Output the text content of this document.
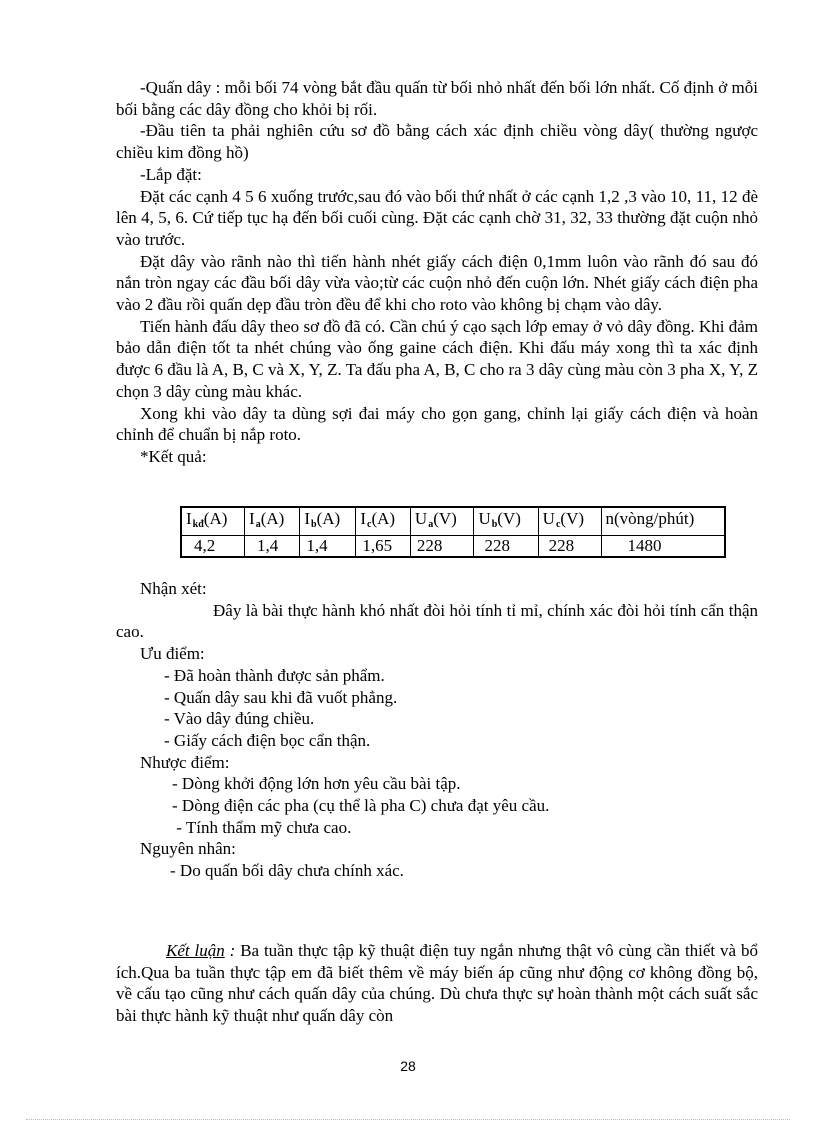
-Quấn dây : mỗi bối 74 vòng bắt đầu quấn từ bối nhỏ nhất đến bối lớn nhất. Cố định ở mỗi bối bằng các dây đồng cho khỏi bị rối.

-Đầu tiên ta phải nghiên cứu sơ đồ bằng cách xác định chiều vòng dây( thường ngược chiều kim đồng hồ)

-Lắp đặt:

Đặt các cạnh 4 5 6 xuống trước,sau đó vào bối thứ nhất ở các cạnh 1,2 ,3 vào 10, 11, 12 đè lên 4, 5, 6. Cứ tiếp tục hạ đến bối cuối cùng. Đặt các cạnh chờ 31, 32, 33 thường đặt cuộn nhỏ vào trước.

Đặt dây vào rãnh nào thì tiến hành nhét giấy cách điện 0,1mm luôn vào rãnh đó sau đó nắn tròn ngay các đầu bối dây vừa vào;từ các cuộn nhỏ đến cuộn lớn. Nhét giấy cách điện pha vào 2 đầu rồi quấn dẹp đầu tròn đều để khi cho roto vào không bị chạm vào dây.

Tiến hành đấu dây theo sơ đồ đã có. Cần chú ý cạo sạch lớp emay ở vỏ dây đồng. Khi đảm bảo dẫn điện tốt ta nhét chúng vào ống gaine cách điện. Khi đấu máy xong thì ta xác định được 6 đầu là A, B, C và X, Y, Z. Ta đấu pha A, B, C cho ra 3 dây cùng màu còn 3 pha X, Y, Z chọn 3 dây cùng màu khác.

Xong khi vào dây ta dùng sợi đai máy cho gọn gang, chỉnh lại giấy cách điện và hoàn chỉnh để chuẩn bị nắp roto.

*Kết quả:

$I_{kđ}(A)$	$I_a(A)$	$I_b(A)$	$I_c(A)$	$U_a(V)$	$U_b(V)$	$U_c(V)$	n(vòng/phút)
4,2	1,4	1,4	1,65	228	228	228	1480

Nhận xét:

Đây là bài thực hành khó nhất đòi hỏi tính tỉ mỉ, chính xác đòi hỏi tính cẩn thận cao.

Ưu điểm:

- Đã hoàn thành được sản phẩm.

- Quấn dây sau khi đã vuốt phẳng.

- Vào dây đúng chiều.

- Giấy cách điện bọc cẩn thận.

Nhược điểm:

- Dòng khởi động lớn hơn yêu cầu bài tập.

- Dòng điện các pha (cụ thể là pha C) chưa đạt yêu cầu.

- Tính thẩm mỹ chưa cao.

Nguyên nhân:

- Do quấn bối dây chưa chính xác.

Kết luận : Ba tuần thực tập kỹ thuật điện tuy ngắn nhưng thật vô cùng cần thiết và bổ ích.Qua ba tuần thực tập em đã biết thêm về máy biến áp cũng như động cơ không đồng bộ, về cấu tạo cũng như cách quấn dây của chúng. Dù chưa thực sự hoàn thành một cách suất sắc bài thực hành kỹ thuật như quấn dây còn

28
